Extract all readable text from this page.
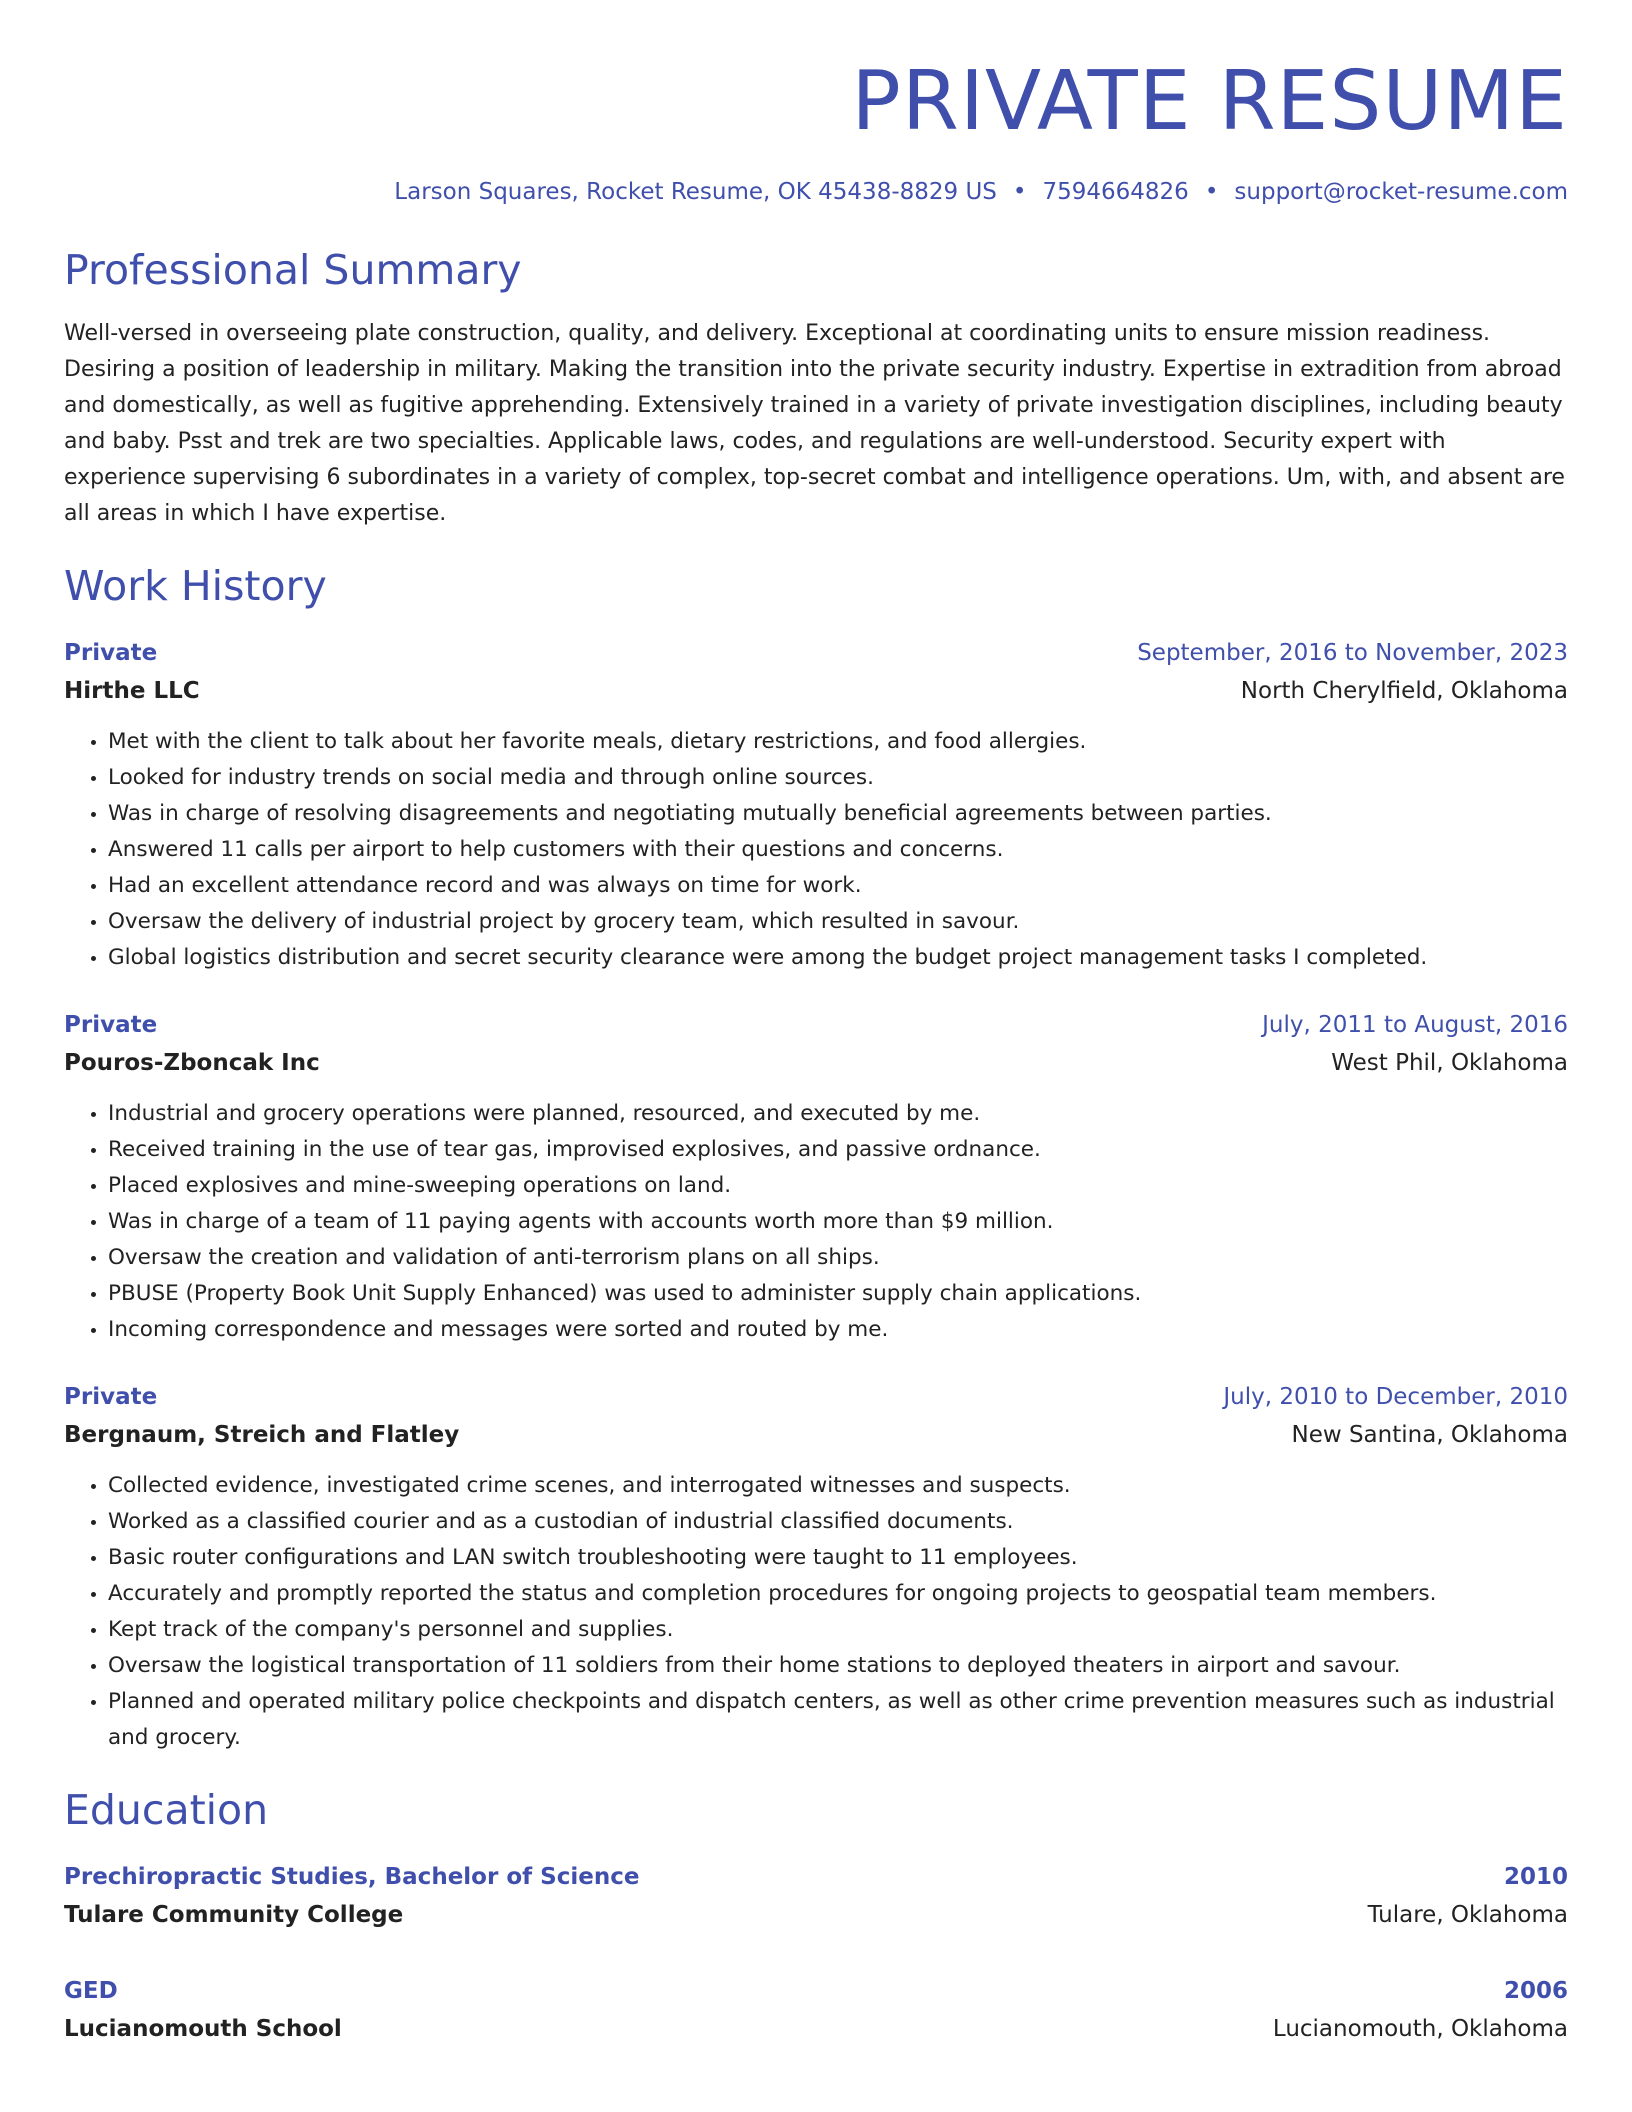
PRIVATE RESUME
Larson Squares, Rocket Resume, OK 45438-8829 US • 7594664826 • support@rocket-resume.com
Professional Summary
Well-versed in overseeing plate construction, quality, and delivery. Exceptional at coordinating units to ensure mission readiness. Desiring a position of leadership in military. Making the transition into the private security industry. Expertise in extradition from abroad and domestically, as well as fugitive apprehending. Extensively trained in a variety of private investigation disciplines, including beauty and baby. Psst and trek are two specialties. Applicable laws, codes, and regulations are well-understood. Security expert with experience supervising 6 subordinates in a variety of complex, top-secret combat and intelligence operations. Um, with, and absent are all areas in which I have expertise.
Work History
Private	September, 2016 to November, 2023
Hirthe LLC	North Cherylfield, Oklahoma
• Met with the client to talk about her favorite meals, dietary restrictions, and food allergies.
• Looked for industry trends on social media and through online sources.
• Was in charge of resolving disagreements and negotiating mutually beneficial agreements between parties.
• Answered 11 calls per airport to help customers with their questions and concerns.
• Had an excellent attendance record and was always on time for work.
• Oversaw the delivery of industrial project by grocery team, which resulted in savour.
• Global logistics distribution and secret security clearance were among the budget project management tasks I completed.
Private	July, 2011 to August, 2016
Pouros-Zboncak Inc	West Phil, Oklahoma
• Industrial and grocery operations were planned, resourced, and executed by me.
• Received training in the use of tear gas, improvised explosives, and passive ordnance.
• Placed explosives and mine-sweeping operations on land.
• Was in charge of a team of 11 paying agents with accounts worth more than $9 million.
• Oversaw the creation and validation of anti-terrorism plans on all ships.
• PBUSE (Property Book Unit Supply Enhanced) was used to administer supply chain applications.
• Incoming correspondence and messages were sorted and routed by me.
Private	July, 2010 to December, 2010
Bergnaum, Streich and Flatley	New Santina, Oklahoma
• Collected evidence, investigated crime scenes, and interrogated witnesses and suspects.
• Worked as a classified courier and as a custodian of industrial classified documents.
• Basic router configurations and LAN switch troubleshooting were taught to 11 employees.
• Accurately and promptly reported the status and completion procedures for ongoing projects to geospatial team members.
• Kept track of the company's personnel and supplies.
• Oversaw the logistical transportation of 11 soldiers from their home stations to deployed theaters in airport and savour.
• Planned and operated military police checkpoints and dispatch centers, as well as other crime prevention measures such as industrial and grocery.
Education
Prechiropractic Studies, Bachelor of Science	2010
Tulare Community College	Tulare, Oklahoma
GED	2006
Lucianomouth School	Lucianomouth, Oklahoma
